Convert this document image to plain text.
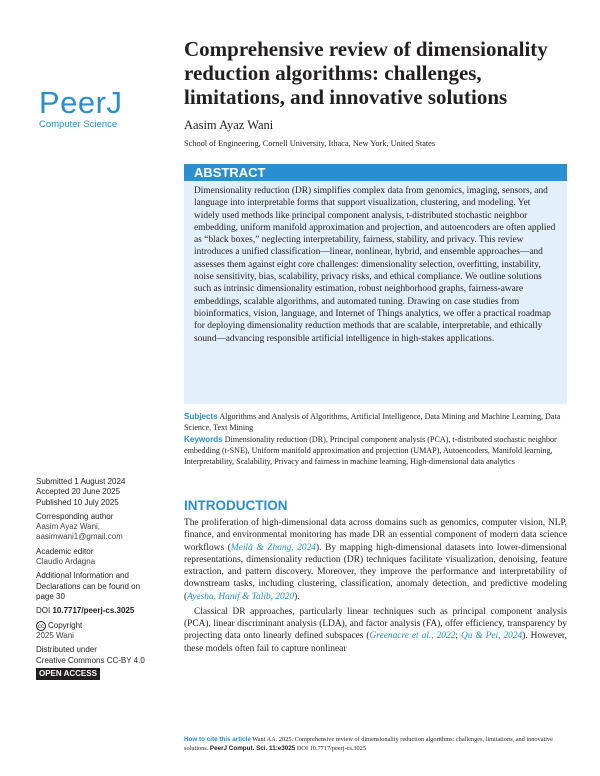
PeerJ
Computer Science
Comprehensive review of dimensionality reduction algorithms: challenges, limitations, and innovative solutions
Aasim Ayaz Wani
School of Engineering, Cornell University, Ithaca, New York, United States
ABSTRACT

Dimensionality reduction (DR) simplifies complex data from genomics, imaging, sensors, and language into interpretable forms that support visualization, clustering, and modeling. Yet widely used methods like principal component analysis, t-distributed stochastic neighbor embedding, uniform manifold approximation and projection, and autoencoders are often applied as “black boxes,” neglecting interpretability, fairness, stability, and privacy. This review introduces a unified classification—linear, nonlinear, hybrid, and ensemble approaches—and assesses them against eight core challenges: dimensionality selection, overfitting, instability, noise sensitivity, bias, scalability, privacy risks, and ethical compliance. We outline solutions such as intrinsic dimensionality estimation, robust neighborhood graphs, fairness-aware embeddings, scalable algorithms, and automated tuning. Drawing on case studies from bioinformatics, vision, language, and Internet of Things analytics, we offer a practical roadmap for deploying dimensionality reduction methods that are scalable, interpretable, and ethically sound—advancing responsible artificial intelligence in high-stakes applications.

Subjects Algorithms and Analysis of Algorithms, Artificial Intelligence, Data Mining and Machine Learning, Data Science, Text Mining

Keywords Dimensionality reduction (DR), Principal component analysis (PCA), t-distributed stochastic neighbor embedding (t-SNE), Uniform manifold approximation and projection (UMAP), Autoencoders, Manifold learning, Interpretability, Scalability, Privacy and fairness in machine learning, High-dimensional data analytics

Submitted 1 August 2024
Accepted 20 June 2025
Published 10 July 2025
Corresponding author
Aasim Ayaz Wani,
aasimwani1@gmail.com
Academic editor
Claudio Ardagna
Additional Information and
Declarations can be found on
page 30
DOI 10.7717/peerj-cs.3025
cc Copyright
2025 Wani
Distributed under
Creative Commons CC-BY 4.0
OPEN ACCESS
INTRODUCTION

The proliferation of high-dimensional data across domains such as genomics, computer vision, NLP, finance, and environmental monitoring has made DR an essential component of modern data science workflows (Meilă & Zhang, 2024). By mapping high-dimensional datasets into lower-dimensional representations, dimensionality reduction (DR) techniques facilitate visualization, denoising, feature extraction, and pattern discovery. Moreover, they improve the performance and interpretability of downstream tasks, including clustering, classification, anomaly detection, and predictive modeling (Ayesha, Hanif & Talib, 2020).

Classical DR approaches, particularly linear techniques such as principal component analysis (PCA), linear discriminant analysis (LDA), and factor analysis (FA), offer efficiency, transparency by projecting data onto linearly defined subspaces (Greenacre et al., 2022; Qu & Pei, 2024). However, these models often fail to capture nonlinear

How to cite this article Wani AA. 2025. Comprehensive review of dimensionality reduction algorithms: challenges, limitations, and innovative solutions. PeerJ Comput. Sci. 11:e3025 DOI 10.7717/peerj-cs.3025
